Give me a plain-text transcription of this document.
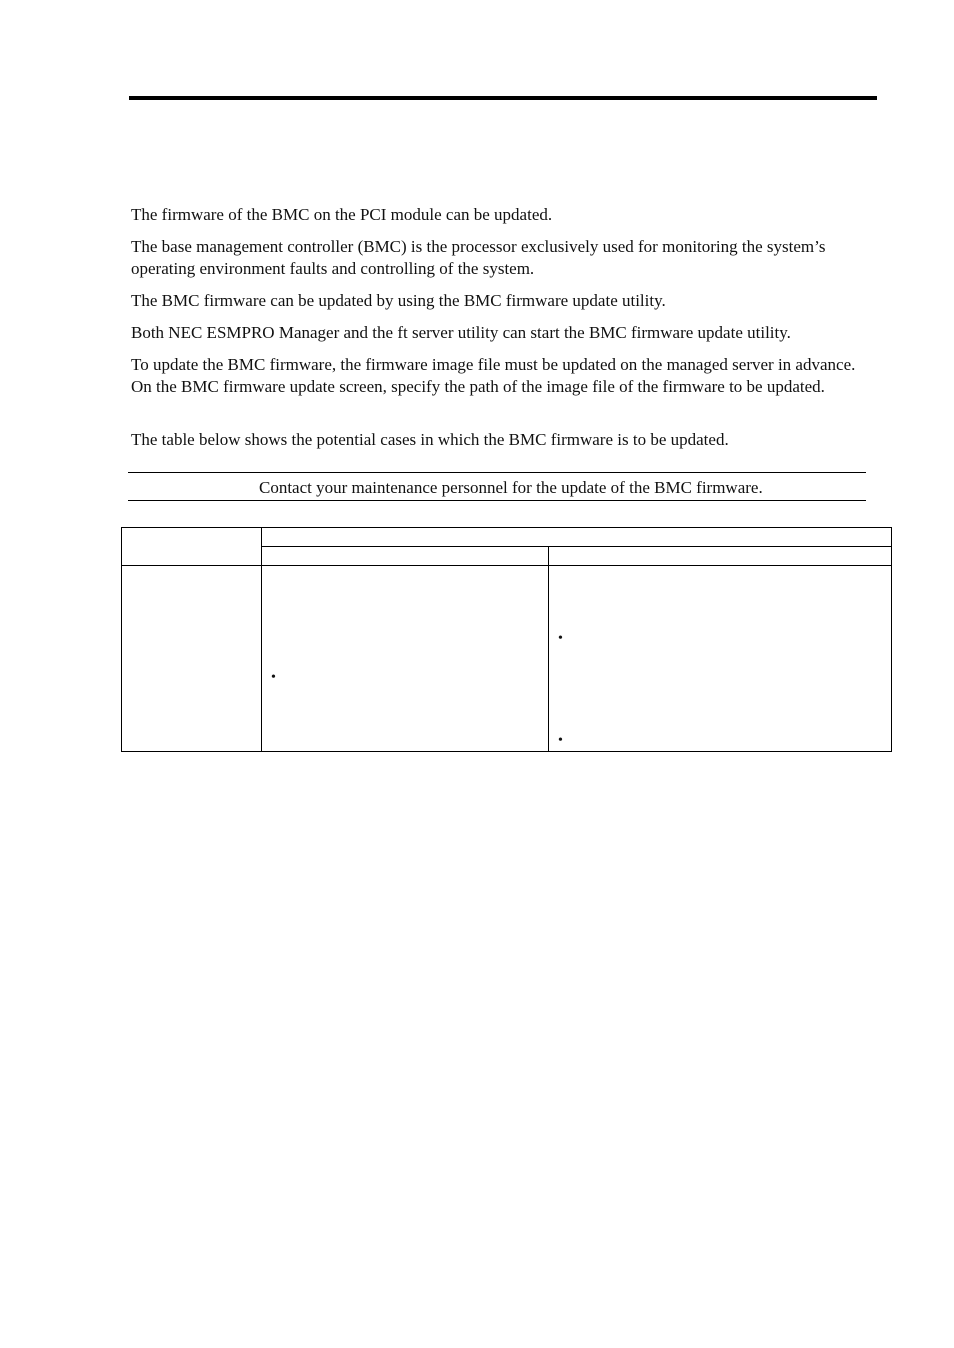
The firmware of the BMC on the PCI module can be updated.

The base management controller (BMC) is the processor exclusively used for monitoring the system’s operating environment faults and controlling of the system.

The BMC firmware can be updated by using the BMC firmware update utility.

Both NEC ESMPRO Manager and the ft server utility can start the BMC firmware update utility.

To update the BMC firmware, the firmware image file must be updated on the managed server in advance. On the BMC firmware update screen, specify the path of the image file of the firmware to be updated.

The table below shows the potential cases in which the BMC firmware is to be updated.

Contact your maintenance personnel for the update of the BMC firmware.

	•	•
•
